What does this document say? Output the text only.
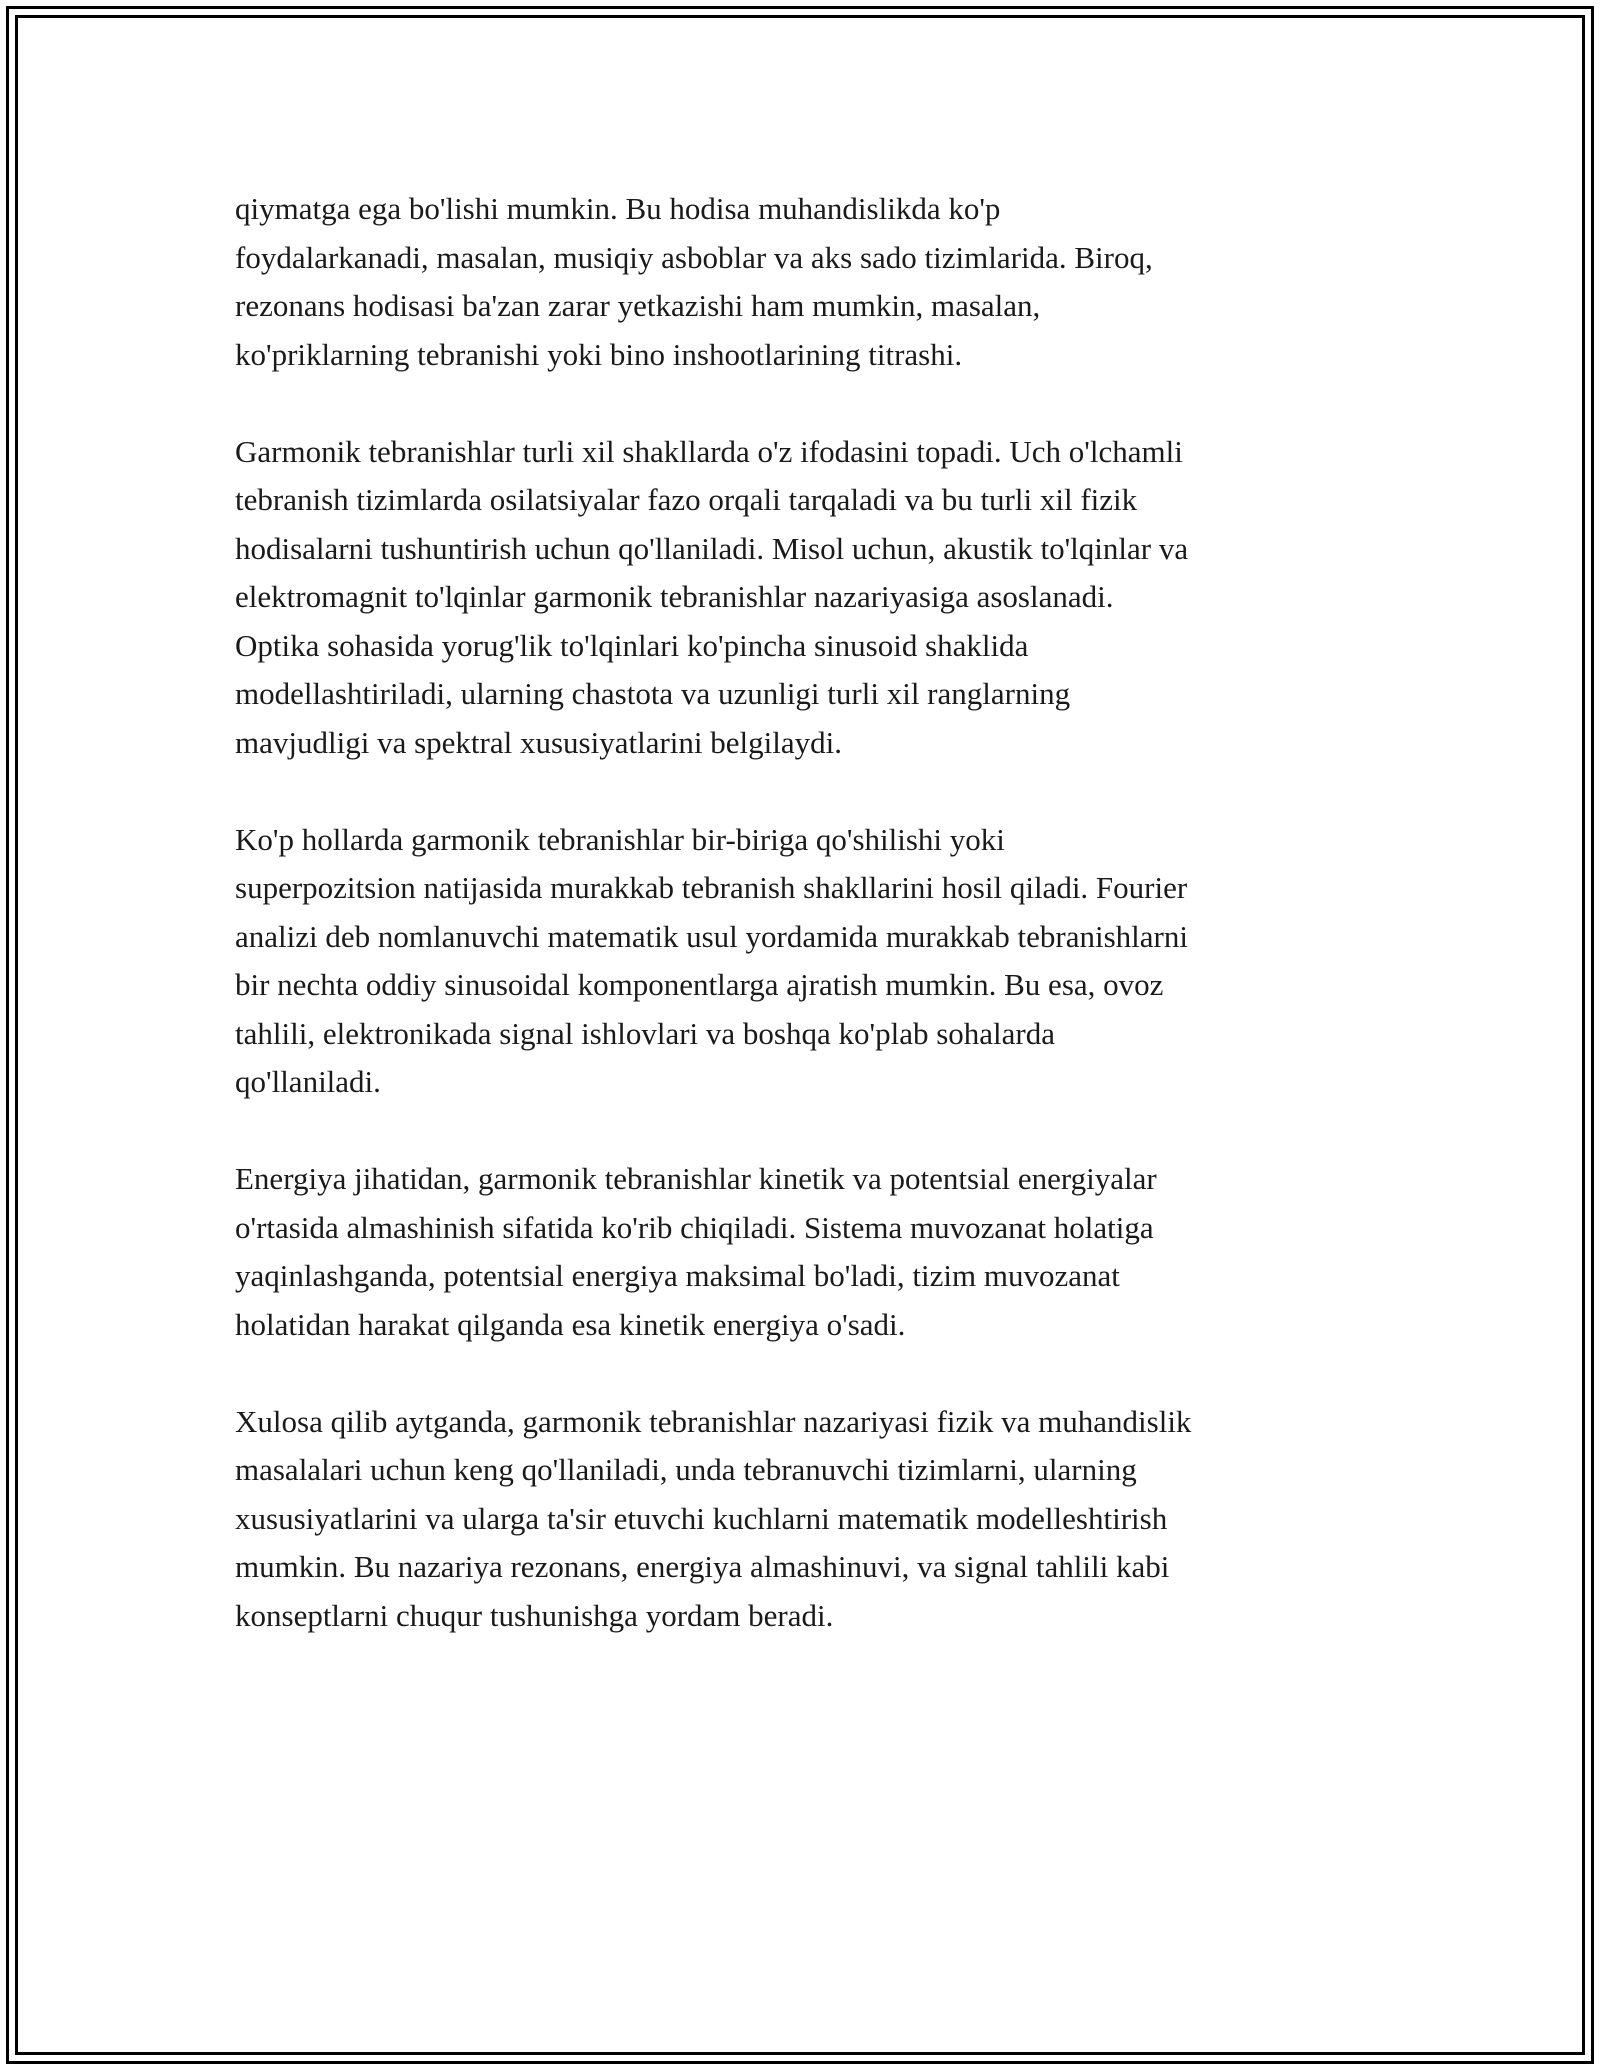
qiymatga ega bo'lishi mumkin. Bu hodisa muhandislikda ko'p
foydalarkanadi, masalan, musiqiy asboblar va aks sado tizimlarida. Biroq,
rezonans hodisasi ba'zan zarar yetkazishi ham mumkin, masalan,
ko'priklarning tebranishi yoki bino inshootlarining titrashi.

Garmonik tebranishlar turli xil shakllarda o'z ifodasini topadi. Uch o'lchamli
tebranish tizimlarda osilatsiyalar fazo orqali tarqaladi va bu turli xil fizik
hodisalarni tushuntirish uchun qo'llaniladi. Misol uchun, akustik to'lqinlar va
elektromagnit to'lqinlar garmonik tebranishlar nazariyasiga asoslanadi.
Optika sohasida yorug'lik to'lqinlari ko'pincha sinusoid shaklida
modellashtiriladi, ularning chastota va uzunligi turli xil ranglarning
mavjudligi va spektral xususiyatlarini belgilaydi.

Ko'p hollarda garmonik tebranishlar bir-biriga qo'shilishi yoki
superpozitsion natijasida murakkab tebranish shakllarini hosil qiladi. Fourier
analizi deb nomlanuvchi matematik usul yordamida murakkab tebranishlarni
bir nechta oddiy sinusoidal komponentlarga ajratish mumkin. Bu esa, ovoz
tahlili, elektronikada signal ishlovlari va boshqa ko'plab sohalarda
qo'llaniladi.

Energiya jihatidan, garmonik tebranishlar kinetik va potentsial energiyalar
o'rtasida almashinish sifatida ko'rib chiqiladi. Sistema muvozanat holatiga
yaqinlashganda, potentsial energiya maksimal bo'ladi, tizim muvozanat
holatidan harakat qilganda esa kinetik energiya o'sadi.

Xulosa qilib aytganda, garmonik tebranishlar nazariyasi fizik va muhandislik
masalalari uchun keng qo'llaniladi, unda tebranuvchi tizimlarni, ularning
xususiyatlarini va ularga ta'sir etuvchi kuchlarni matematik modelleshtirish
mumkin. Bu nazariya rezonans, energiya almashinuvi, va signal tahlili kabi
konseptlarni chuqur tushunishga yordam beradi.
